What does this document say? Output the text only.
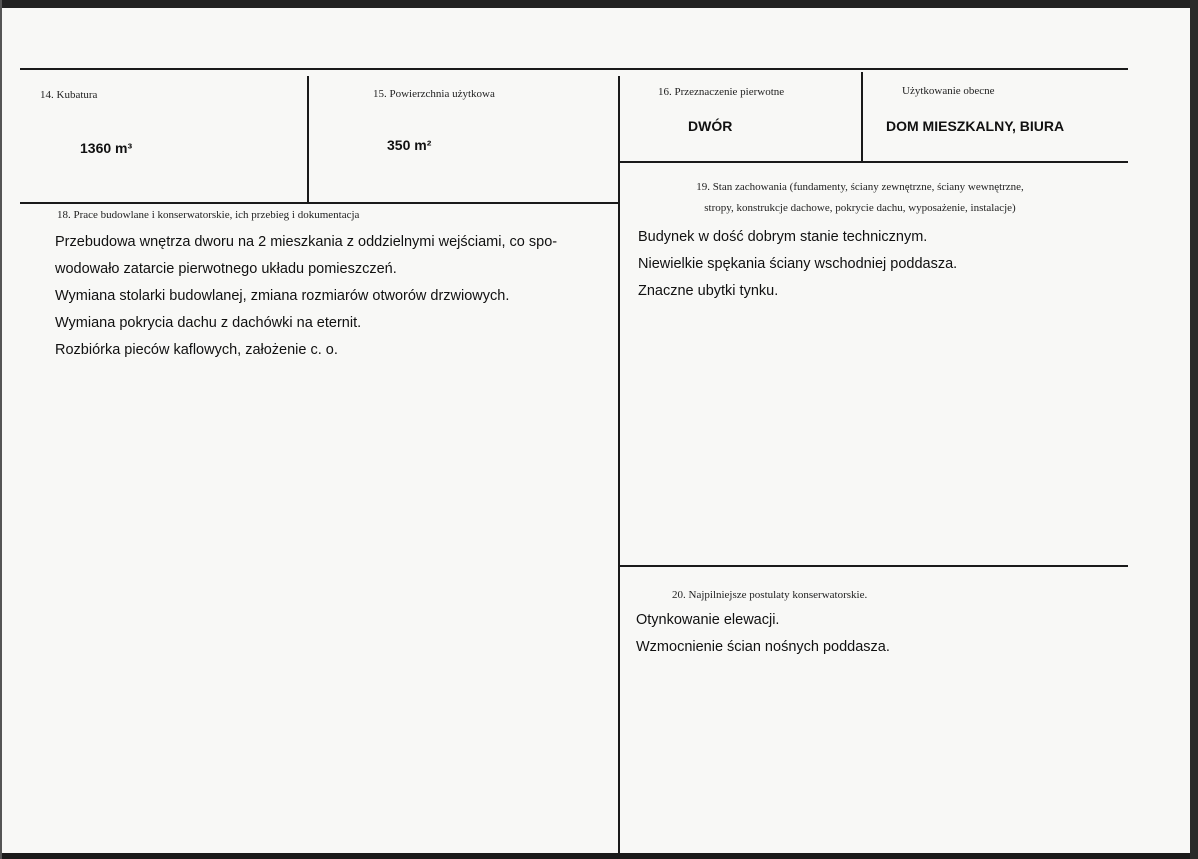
14. Kubatura
1360 m³
15. Powierzchnia użytkowa
350 m²
16. Przeznaczenie pierwotne
DWÓR
Użytkowanie obecne
DOM MIESZKALNY, BIURA
18. Prace budowlane i konserwatorskie, ich przebieg i dokumentacja
Przebudowa wnętrza dworu na 2 mieszkania z oddzielnymi wejściami, co spo-
wodowało zatarcie pierwotnego układu pomieszczeń.
Wymiana stolarki budowlanej, zmiana rozmiarów otworów drzwiowych.
Wymiana pokrycia dachu z dachówki na eternit.
Rozbiórka pieców kaflowych, założenie c. o.
19. Stan zachowania (fundamenty, ściany zewnętrzne, ściany wewnętrzne,
stropy, konstrukcje dachowe, pokrycie dachu, wyposażenie, instalacje)
Budynek w dość dobrym stanie technicznym.
Niewielkie spękania ściany wschodniej poddasza.
Znaczne ubytki tynku.
20. Najpilniejsze postulaty konserwatorskie.
Otynkowanie elewacji.
Wzmocnienie ścian nośnych poddasza.
